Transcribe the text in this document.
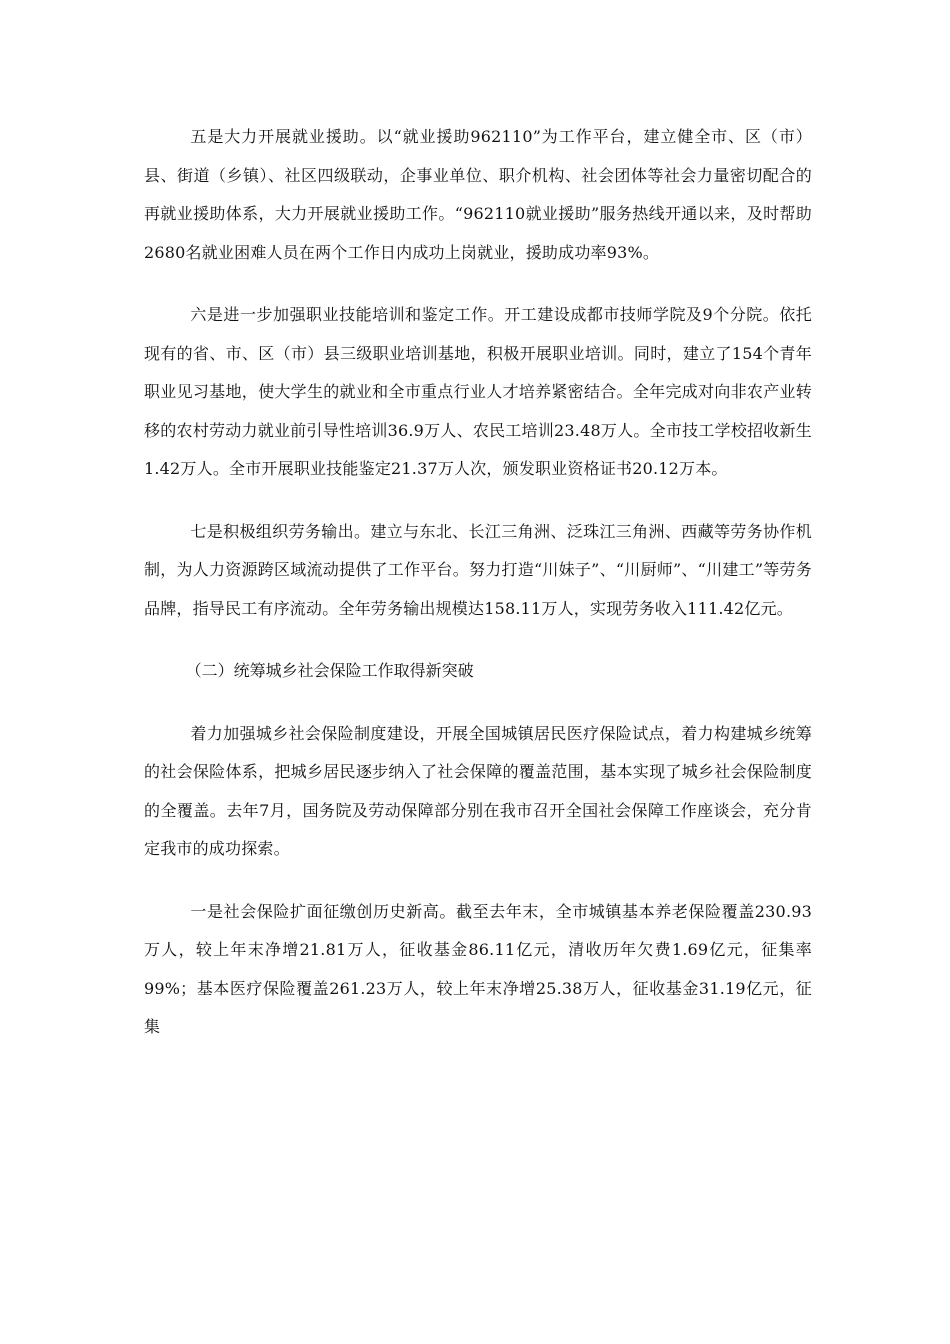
五是大力开展就业援助。以“就业援助962110”为工作平台，建立健全市、区（市）县、街道（乡镇）、社区四级联动，企事业单位、职介机构、社会团体等社会力量密切配合的再就业援助体系，大力开展就业援助工作。“962110就业援助”服务热线开通以来，及时帮助2680名就业困难人员在两个工作日内成功上岗就业，援助成功率93%。

六是进一步加强职业技能培训和鉴定工作。开工建设成都市技师学院及9个分院。依托现有的省、市、区（市）县三级职业培训基地，积极开展职业培训。同时，建立了154个青年职业见习基地，使大学生的就业和全市重点行业人才培养紧密结合。全年完成对向非农产业转移的农村劳动力就业前引导性培训36.9万人、农民工培训23.48万人。全市技工学校招收新生1.42万人。全市开展职业技能鉴定21.37万人次，颁发职业资格证书20.12万本。

七是积极组织劳务输出。建立与东北、长江三角洲、泛珠江三角洲、西藏等劳务协作机制，为人力资源跨区域流动提供了工作平台。努力打造“川妹子”、“川厨师”、“川建工”等劳务品牌，指导民工有序流动。全年劳务输出规模达158.11万人，实现劳务收入111.42亿元。

（二）统筹城乡社会保险工作取得新突破

着力加强城乡社会保险制度建设，开展全国城镇居民医疗保险试点，着力构建城乡统筹的社会保险体系，把城乡居民逐步纳入了社会保障的覆盖范围，基本实现了城乡社会保险制度的全覆盖。去年7月，国务院及劳动保障部分别在我市召开全国社会保障工作座谈会，充分肯定我市的成功探索。

一是社会保险扩面征缴创历史新高。截至去年末，全市城镇基本养老保险覆盖230.93万人，较上年末净增21.81万人，征收基金86.11亿元，清收历年欠费1.69亿元，征集率99%；基本医疗保险覆盖261.23万人，较上年末净增25.38万人，征收基金31.19亿元，征集
